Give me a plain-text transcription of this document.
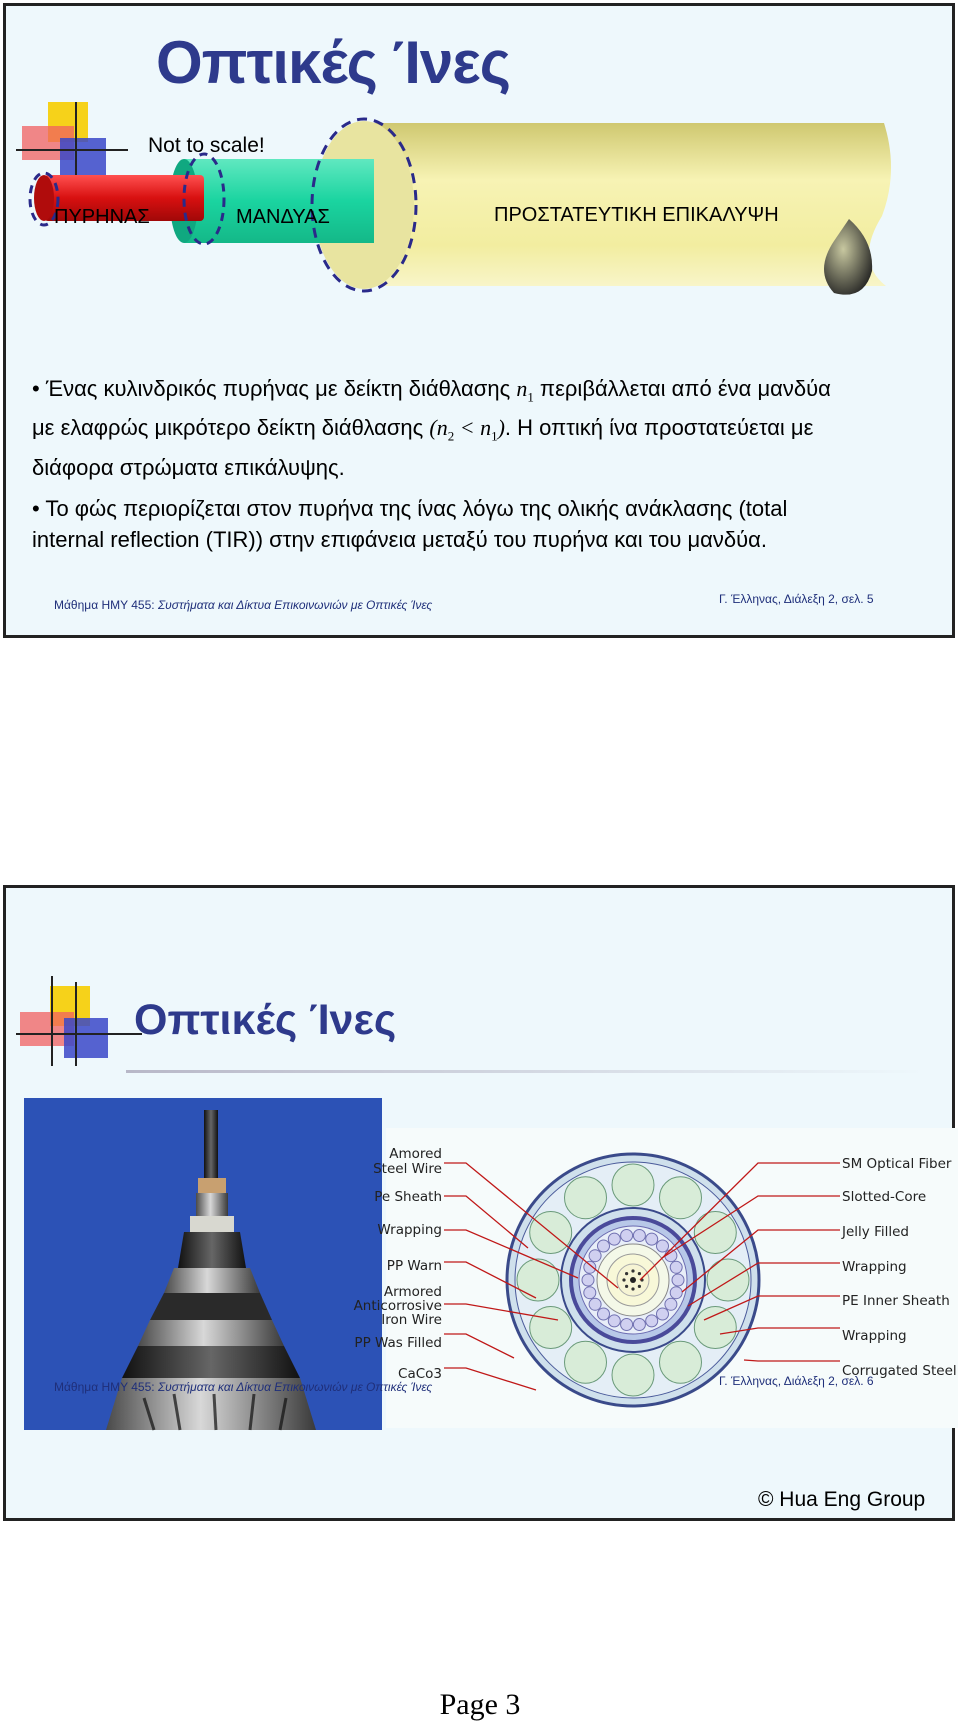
Οπτικές Ίνες
Not to scale!
ΠΥΡΗΝΑΣ	ΜΑΝΔΥΑΣ	ΠΡΟΣΤΑΤΕΥΤΙΚΗ ΕΠΙΚΑΛΥΨΗ
• Ένας κυλινδρικός πυρήνας με δείκτη διάθλασης $n_1$ περιβάλλεται από ένα μανδύα
με ελαφρώς μικρότερο δείκτη διάθλασης $(n_2 < n_1)$. Η οπτική ίνα προστατεύεται με
διάφορα στρώματα επικάλυψης.
• Το φώς περιορίζεται στον πυρήνα της ίνας λόγω της ολικής ανάκλασης (total
internal reflection (TIR)) στην επιφάνεια μεταξύ του πυρήνα και του μανδύα.
Μάθημα ΗΜΥ 455: Συστήματα και Δίκτυα Επικοινωνιών με Οπτικές Ίνες	Γ. Έλληνας, Διάλεξη 2, σελ. 5
Οπτικές Ίνες
Amored
Steel Wire
Pe Sheath
Wrapping
PP Warn
Armored
Anticorrosive
Iron Wire
PP Was Filled
CaCo3
SM Optical Fiber
Slotted-Core
Jelly Filled
Wrapping
PE Inner Sheath
Wrapping
Corrugated Steel
Μάθημα ΗΜΥ 455: Συστήματα και Δίκτυα Επικοινωνιών με Οπτικές Ίνες	Γ. Έλληνας, Διάλεξη 2, σελ. 6
© Hua Eng Group
Page 3
